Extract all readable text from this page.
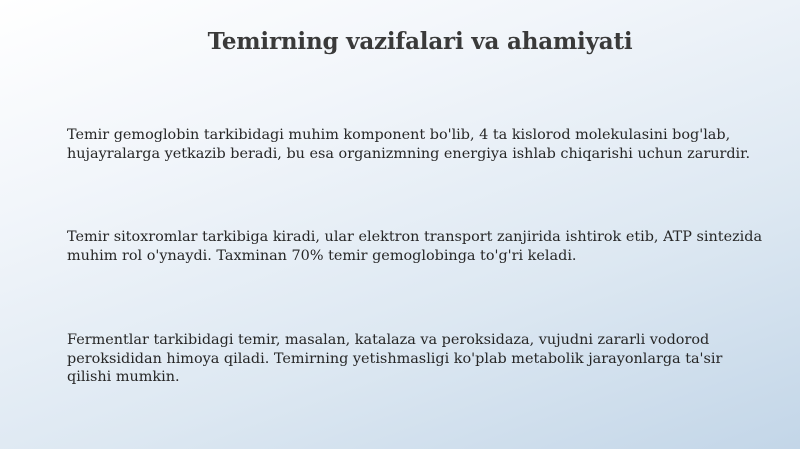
Temirning vazifalari va ahamiyati

Temir gemoglobin tarkibidagi muhim komponent bo'lib, 4 ta kislorod molekulasini bog'lab, hujayralarga yetkazib beradi, bu esa organizmning energiya ishlab chiqarishi uchun zarurdir.

Temir sitoxromlar tarkibiga kiradi, ular elektron transport zanjirida ishtirok etib, ATP sintezida muhim rol o'ynaydi. Taxminan 70% temir gemoglobinga to'g'ri keladi.

Fermentlar tarkibidagi temir, masalan, katalaza va peroksidaza, vujudni zararli vodorod peroksididan himoya qiladi. Temirning yetishmasligi ko'plab metabolik jarayonlarga ta'sir qilishi mumkin.
